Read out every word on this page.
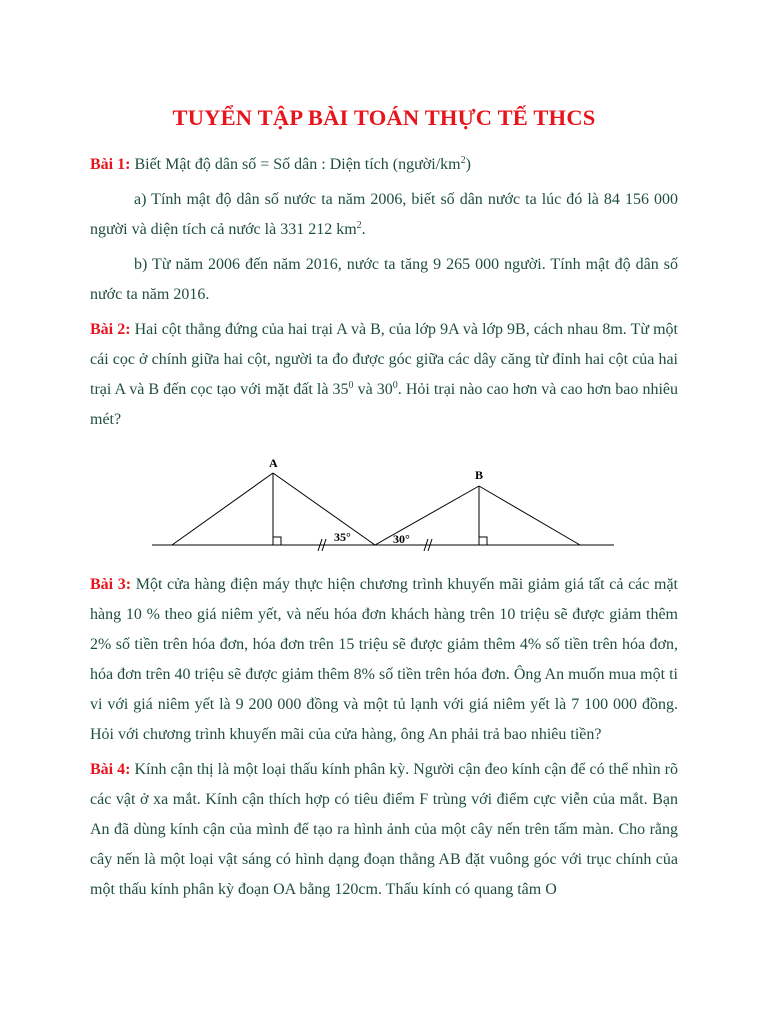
TUYỂN TẬP BÀI TOÁN THỰC TẾ THCS

Bài 1: Biết Mật độ dân số = Số dân : Diện tích $(người/km^2)$

a) Tính mật độ dân số nước ta năm 2006, biết số dân nước ta lúc đó là 84 156 000 người và diện tích cả nước là 331 212 $km^2$.

b) Từ năm 2006 đến năm 2016, nước ta tăng 9 265 000 người. Tính mật độ dân số nước ta năm 2016.

Bài 2: Hai cột thẳng đứng của hai trại A và B, của lớp 9A và lớp 9B, cách nhau 8m. Từ một cái cọc ở chính giữa hai cột, người ta đo được góc giữa các dây căng từ đỉnh hai cột của hai trại A và B đến cọc tạo với mặt đất là $35^0$ và $30^0$. Hỏi trại nào cao hơn và cao hơn bao nhiêu mét?

A
B
35°	30°

Bài 3: Một cửa hàng điện máy thực hiện chương trình khuyến mãi giảm giá tất cả các mặt hàng 10 % theo giá niêm yết, và nếu hóa đơn khách hàng trên 10 triệu sẽ được giảm thêm 2% số tiền trên hóa đơn, hóa đơn trên 15 triệu sẽ được giảm thêm 4% số tiền trên hóa đơn, hóa đơn trên 40 triệu sẽ được giảm thêm 8% số tiền trên hóa đơn. Ông An muốn mua một ti vi với giá niêm yết là 9 200 000 đồng và một tủ lạnh với giá niêm yết là 7 100 000 đồng. Hỏi với chương trình khuyến mãi của cửa hàng, ông An phải trả bao nhiêu tiền?

Bài 4: Kính cận thị là một loại thấu kính phân kỳ. Người cận đeo kính cận để có thể nhìn rõ các vật ở xa mắt. Kính cận thích hợp có tiêu điểm F trùng với điểm cực viễn của mắt. Bạn An đã dùng kính cận của mình để tạo ra hình ảnh của một cây nến trên tấm màn. Cho rằng cây nến là một loại vật sáng có hình dạng đoạn thẳng AB đặt vuông góc với trục chính của một thấu kính phân kỳ đoạn OA bằng 120cm. Thấu kính có quang tâm O
